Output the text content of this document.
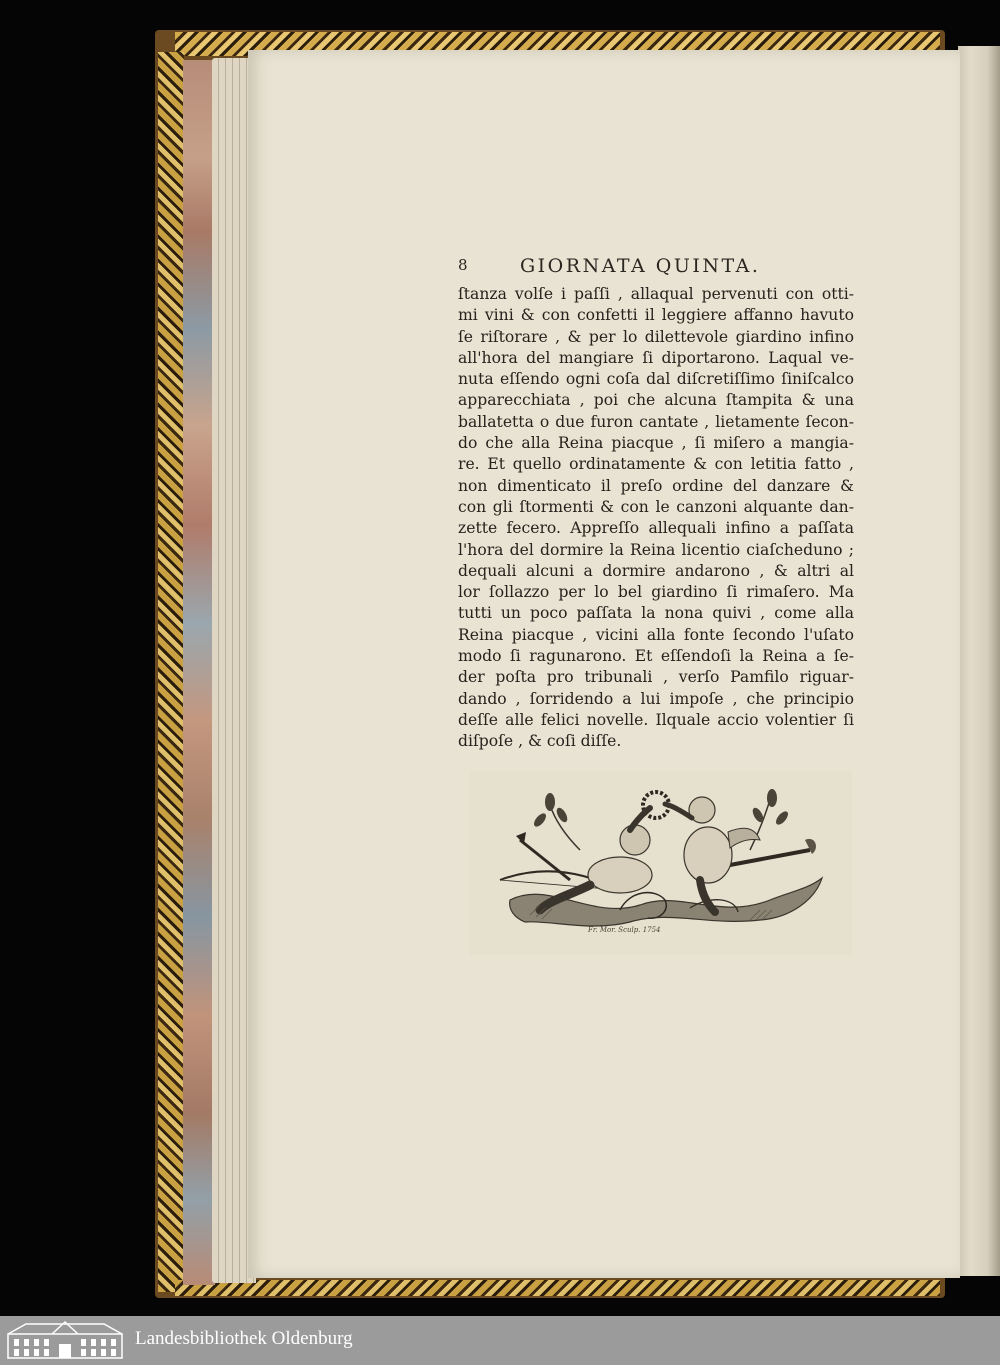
8	GIORNATA QUINTA.
ſtanza volſe i paſſi , allaqual pervenuti con otti-
mi vini & con confetti il leggiere affanno havuto
ſe riſtorare , & per lo dilettevole giardino infino
all'hora del mangiare ſi diportarono. Laqual ve-
nuta eſſendo ogni coſa dal diſcretiſſimo ſiniſcalco
apparecchiata , poi che alcuna ſtampita & una
ballatetta o due furon cantate , lietamente ſecon-
do che alla Reina piacque , ſi miſero a mangia-
re. Et quello ordinatamente & con letitia fatto ,
non dimenticato il preſo ordine del danzare &
con gli ſtormenti & con le canzoni alquante dan-
zette fecero. Appreſſo allequali infino a paſſata
l'hora del dormire la Reina licentio ciaſcheduno ;
dequali alcuni a dormire andarono , & altri al
lor ſollazzo per lo bel giardino ſi rimaſero. Ma
tutti un poco paſſata la nona quivi , come alla
Reina piacque , vicini alla fonte ſecondo l'uſato
modo ſi ragunarono. Et eſſendoſi la Reina a ſe-
der poſta pro tribunali , verſo Pamfilo riguar-
dando , ſorridendo a lui impoſe , che principio
deſſe alle felici novelle. Ilquale accio volentier ſi
diſpoſe , & coſi diſſe.
Fr. Mor. Sculp. 1754
Landesbibliothek Oldenburg
